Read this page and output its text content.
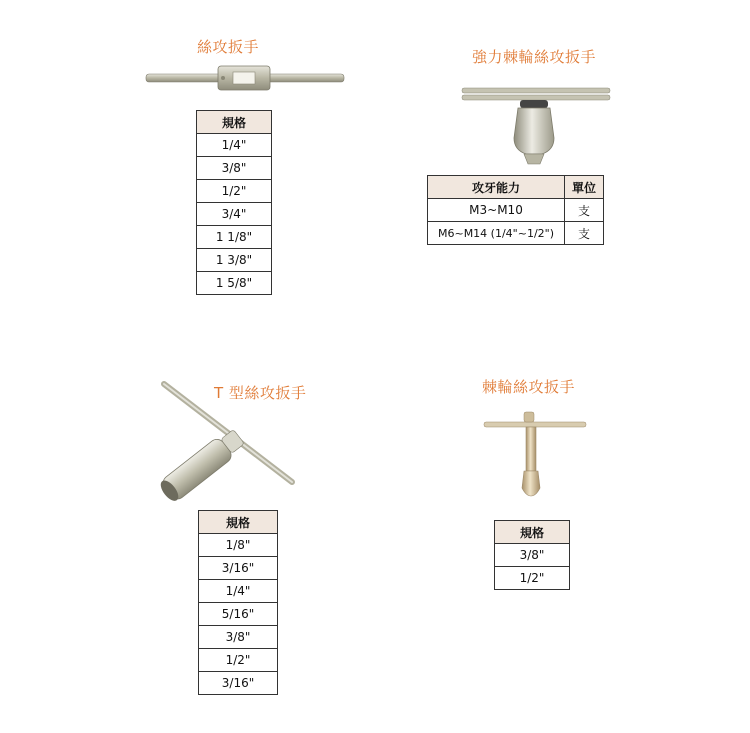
絲攻扳手
規格
1/4"
3/8"
1/2"
3/4"
1 1/8"
1 3/8"
1 5/8"
強力棘輪絲攻扳手
攻牙能力	單位
M3~M10	支
M6~M14 (1/4"~1/2")	支
T 型絲攻扳手
規格
1/8"
3/16"
1/4"
5/16"
3/8"
1/2"
3/16"
棘輪絲攻扳手
規格
3/8"
1/2"
